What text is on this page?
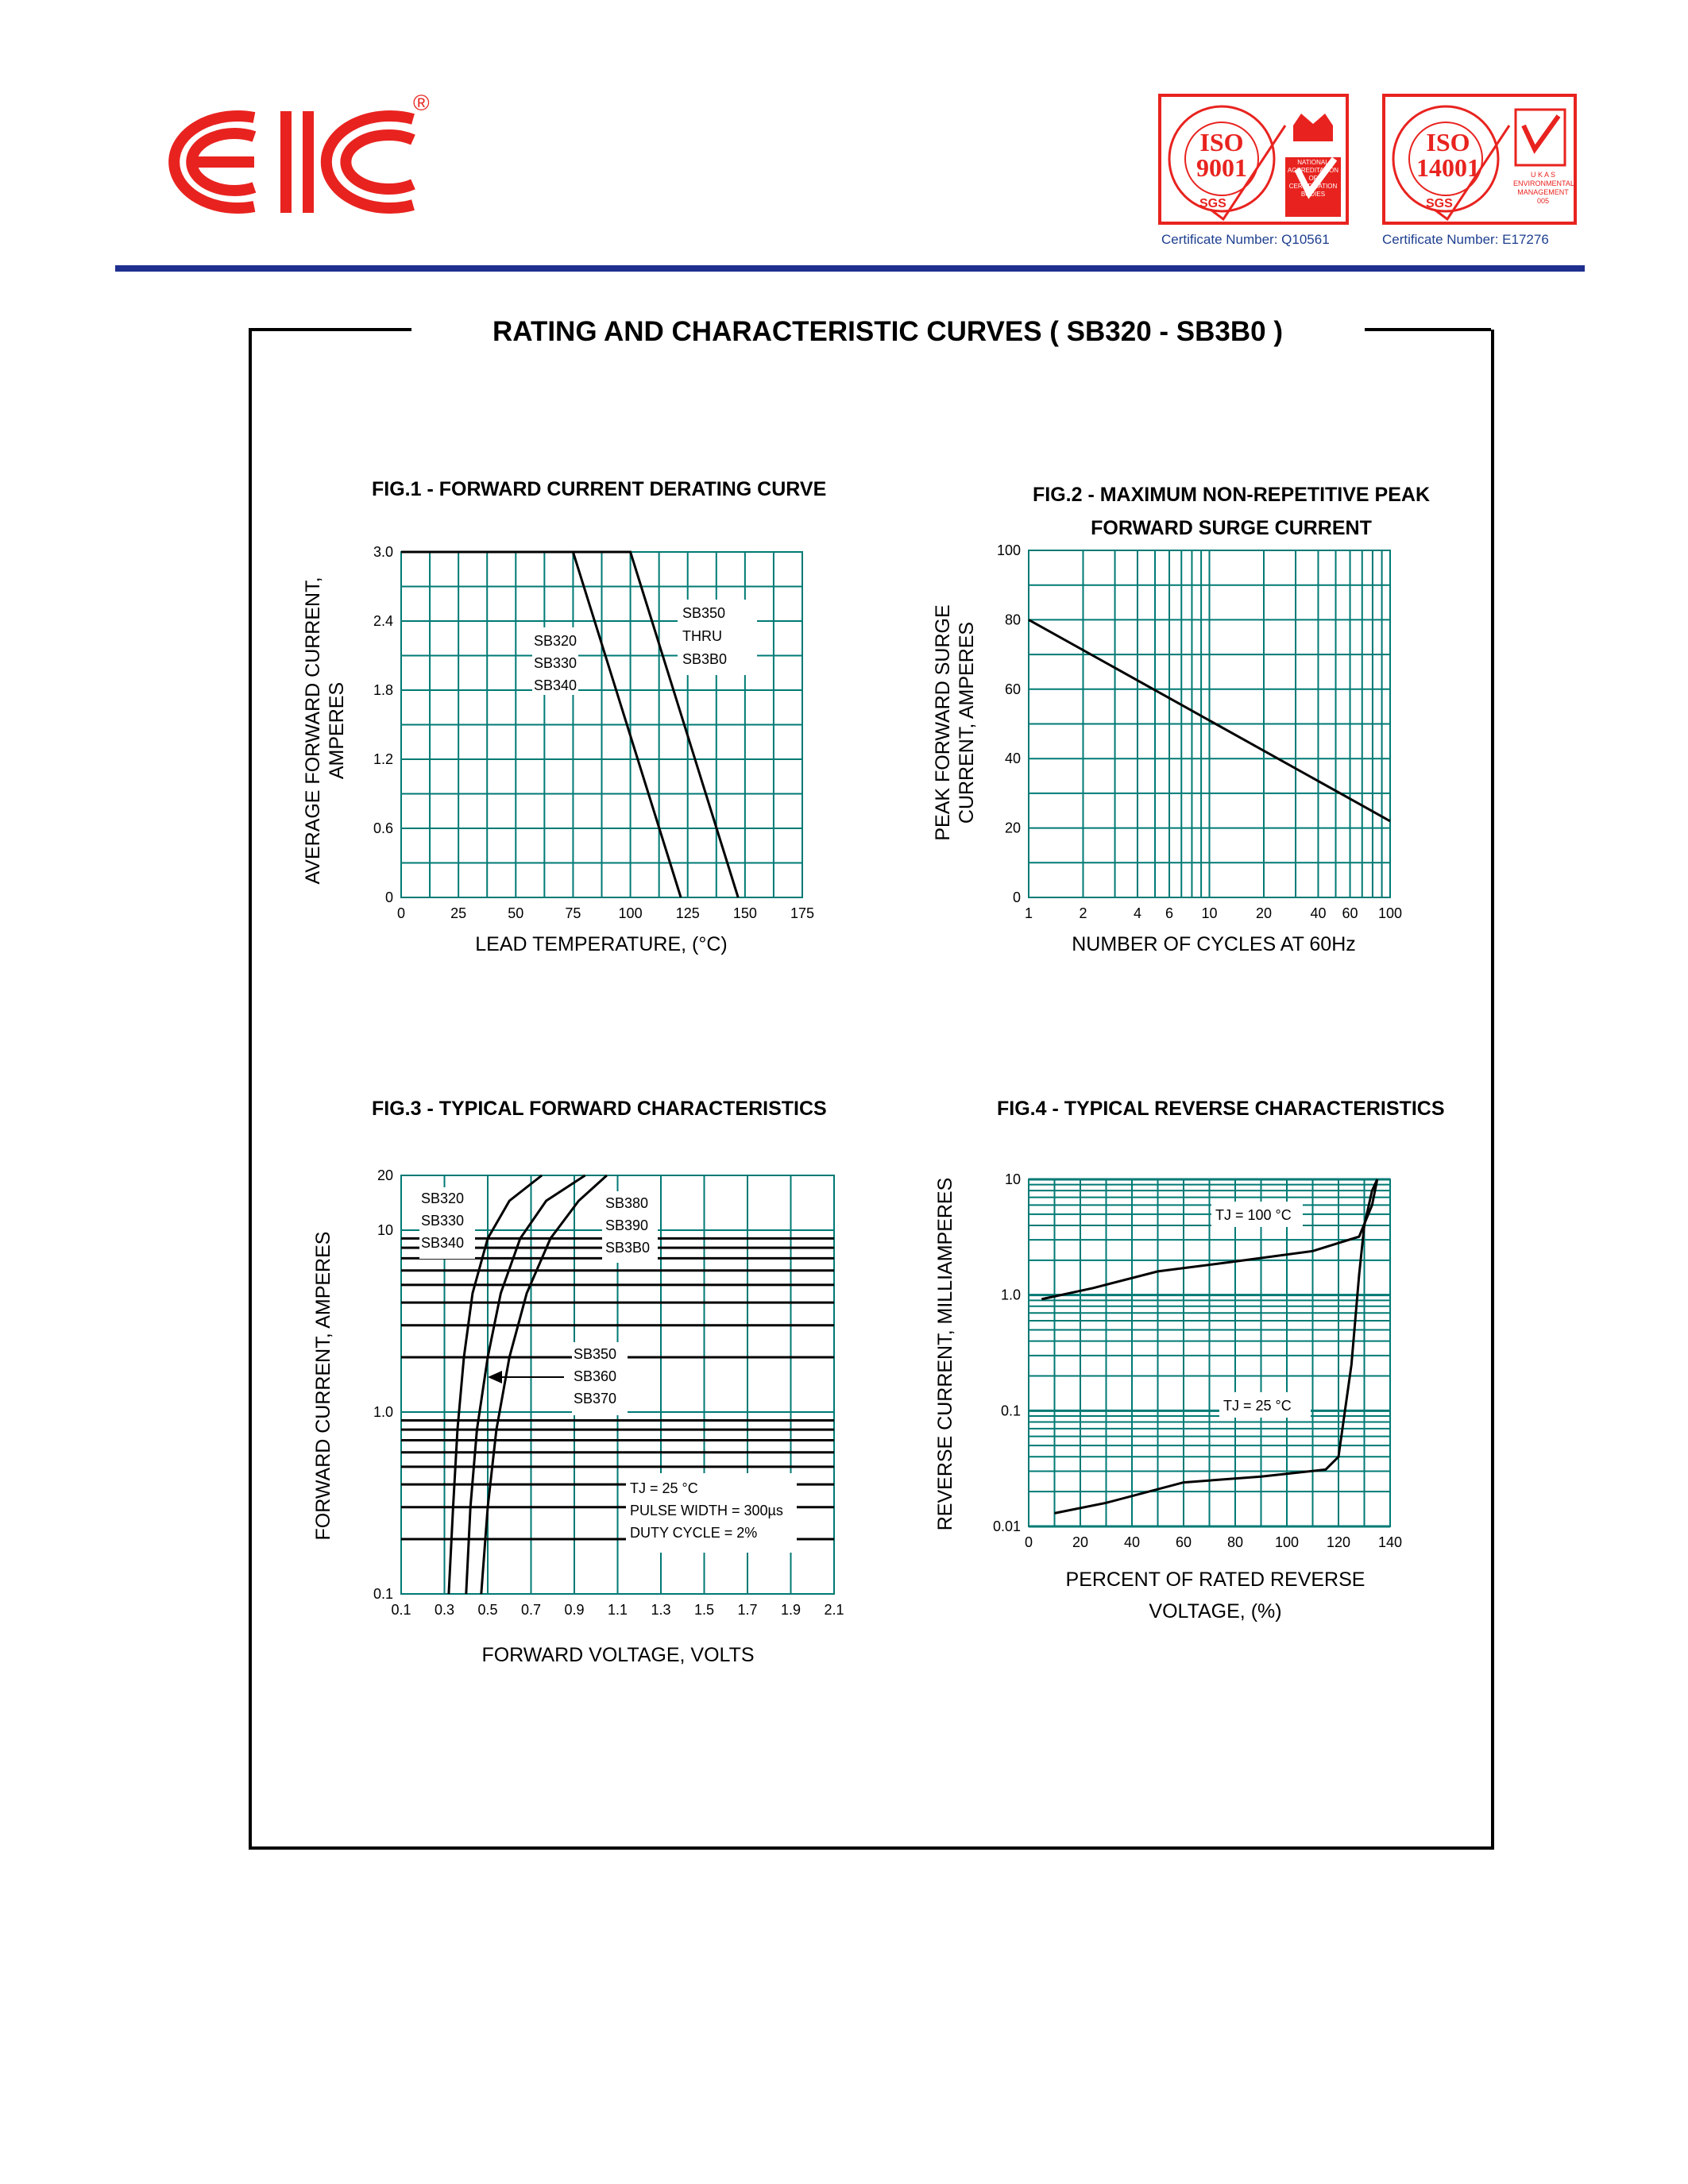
®
ISO
9001
SGS
ISO
14001
SGS
U K A S
ENVIRONMENTAL
MANAGEMENT
005
NATIONAL
ACCREDITATION
OF CERTIFICATION
BODIES
Certificate Number: Q10561	Certificate Number: E17276
RATING AND CHARACTERISTIC CURVES ( SB320 - SB3B0 )
FIG.1 - FORWARD CURRENT DERATING CURVE	FIG.2 - MAXIMUM NON-REPETITIVE PEAK
FORWARD SURGE CURRENT
FIG.3 - TYPICAL FORWARD CHARACTERISTICS	FIG.4 - TYPICAL REVERSE CHARACTERISTICS
0	25	50	75	100 125 150 175
0
0.6
1.2
1.8
2.4
3.0
SB320
SB330
SB340
SB350
THRU
SB3B0
LEAD TEMPERATURE, (°C)
AVERAGE FORWARD CURRENT, AMPERES
1	2	4 6 10	20	40 60 100
0
20
40
60
80
100
NUMBER OF CYCLES AT 60Hz
PEAK FORWARD SURGE CURRENT, AMPERES
0.1 0.3 0.5 0.7 0.9 1.1 1.3 1.5 1.7 1.9 2.1
0.1
1.0
10
20
SB320
SB330
SB340
SB380
SB390
SB3B0
SB350
SB360
SB370
TJ = 25 °C
PULSE WIDTH = 300µs
DUTY CYCLE = 2%
FORWARD VOLTAGE, VOLTS
FORWARD CURRENT, AMPERES
0	20 40 60 80 100 120 140
0.01
0.1
1.0
10
TJ = 100 °C
TJ = 25 °C
PERCENT OF RATED REVERSE
VOLTAGE, (%)
REVERSE CURRENT, MILLIAMPERES
